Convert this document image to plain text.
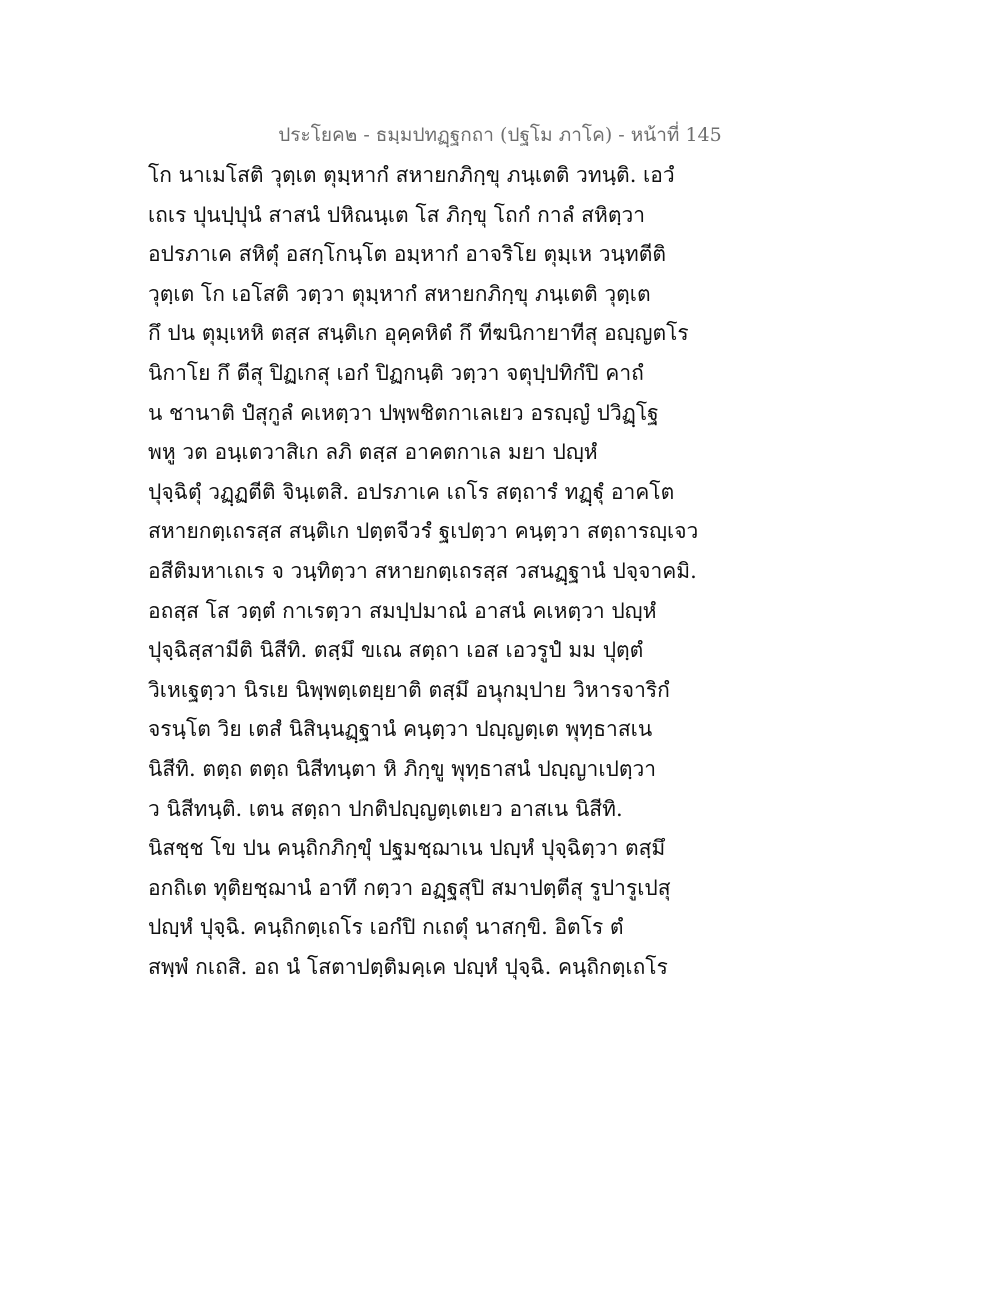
ประโยค๒ - ธมฺมปทฏฺฐกถา (ปฐโม ภาโค) - หน้าที่ 145
โก นาเมโสติ วุตฺเต ตุมฺหากํ สหายกภิกฺขุ ภนฺเตติ วทนฺติ. เอวํ
เถเร ปุนปฺปุนํ สาสนํ ปหิณนฺเต โส ภิกฺขุ โถกํ กาลํ สหิตฺวา
อปรภาเค สหิตุํ อสกฺโกนฺโต อมฺหากํ อาจริโย ตุมฺเห วนฺทตีติ
วุตฺเต โก เอโสติ วตฺวา ตุมฺหากํ สหายกภิกฺขุ ภนฺเตติ วุตฺเต
กึ ปน ตุมฺเหหิ ตสฺส สนฺติเก อุคฺคหิตํ กึ ทีฆนิกายาทีสุ อญฺญตโร
นิกาโย กึ ตีสุ ปิฏเกสุ เอกํ ปิฏกนฺติ วตฺวา จตุปฺปทิกํปิ คาถํ
น ชานาติ ปํสุกูลํ คเหตฺวา ปพฺพชิตกาเลเยว อรญฺญํ ปวิฏฺโฐ
พหู วต อนฺเตวาสิเก ลภิ ตสฺส อาคตกาเล มยา ปญฺหํ
ปุจฺฉิตุํ วฏฺฏตีติ จินฺเตสิ. อปรภาเค เถโร สตฺถารํ ทฏฺฐุํ อาคโต
สหายกตฺเถรสฺส สนฺติเก ปตฺตจีวรํ ฐเปตฺวา คนฺตฺวา สตฺถารญฺเจว
อสีติมหาเถเร จ วนฺทิตฺวา สหายกตฺเถรสฺส วสนฏฺฐานํ ปจฺจาคมิ.
อถสฺส โส วตฺตํ กาเรตฺวา สมปฺปมาณํ อาสนํ คเหตฺวา ปญฺหํ
ปุจฺฉิสฺสามีติ นิสีทิ. ตสฺมึ ขเณ สตฺถา เอส เอวรูปํ มม ปุตฺตํ
วิเหเฐตฺวา นิรเย นิพฺพตฺเตยฺยาติ ตสฺมึ อนุกมฺปาย วิหารจาริกํ
จรนฺโต วิย เตสํ นิสินฺนฏฺฐานํ คนฺตฺวา ปญฺญตฺเต พุทฺธาสเน
นิสีทิ. ตตฺถ ตตฺถ นิสีทนฺตา หิ ภิกฺขู พุทฺธาสนํ ปญฺญาเปตฺวา
ว นิสีทนฺติ. เตน สตฺถา ปกติปญฺญตฺเตเยว อาสเน นิสีทิ.
นิสชฺช โข ปน คนฺถิกภิกฺขุํ ปฐมชฺฌาเน ปญฺหํ ปุจฺฉิตฺวา ตสฺมึ
อกถิเต ทุติยชฺฌานํ อาทึ กตฺวา อฏฺฐสุปิ สมาปตฺตีสุ รูปารูเปสุ
ปญฺหํ ปุจฺฉิ. คนฺถิกตฺเถโร เอกํปิ กเถตุํ นาสกฺขิ. อิตโร ตํ
สพฺพํ กเถสิ. อถ นํ โสตาปตฺติมคฺเค ปญฺหํ ปุจฺฉิ. คนฺถิกตฺเถโร
